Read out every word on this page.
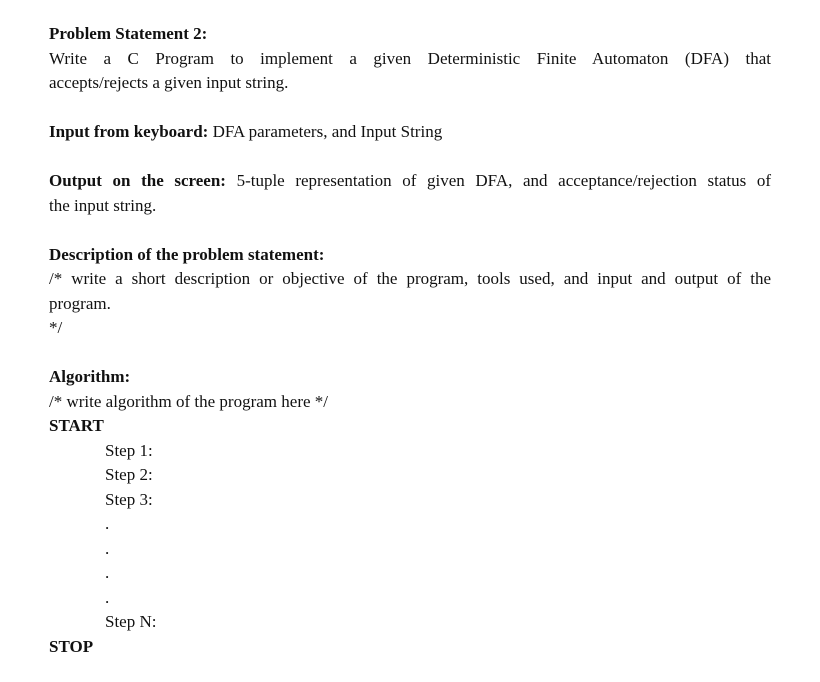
Problem Statement 2:
Write a C Program to implement a given Deterministic Finite Automaton (DFA) that
accepts/rejects a given input string.
Input from keyboard: DFA parameters, and Input String
Output on the screen: 5-tuple representation of given DFA, and acceptance/rejection status of
the input string.
Description of the problem statement:
/* write a short description or objective of the program, tools used, and input and output of the
program.
*/
Algorithm:
/* write algorithm of the program here */
START
Step 1:
Step 2:
Step 3:
.
.
.
.
Step N:
STOP
